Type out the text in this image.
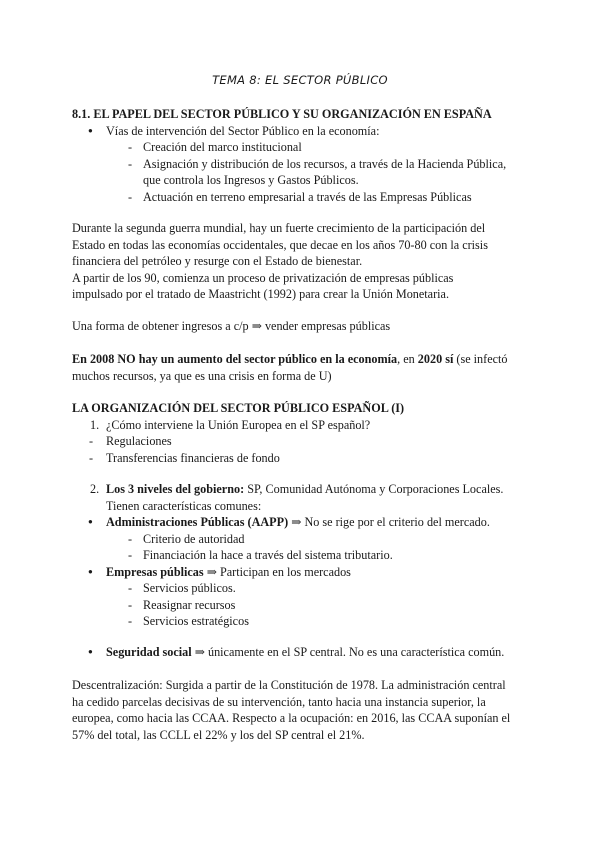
TEMA 8: EL SECTOR PÚBLICO
8.1. EL PAPEL DEL SECTOR PÚBLICO Y SU ORGANIZACIÓN EN ESPAÑA
● Vías de intervención del Sector Público en la economía:
- Creación del marco institucional
- Asignación y distribución de los recursos, a través de la Hacienda Pública,
que controla los Ingresos y Gastos Públicos.
- Actuación en terreno empresarial a través de las Empresas Públicas
Durante la segunda guerra mundial, hay un fuerte crecimiento de la participación del
Estado en todas las economías occidentales, que decae en los años 70-80 con la crisis
financiera del petróleo y resurge con el Estado de bienestar.
A partir de los 90, comienza un proceso de privatización de empresas públicas
impulsado por el tratado de Maastricht (1992) para crear la Unión Monetaria.
Una forma de obtener ingresos a c/p ⇒ vender empresas públicas
En 2008 NO hay un aumento del sector público en la economía, en 2020 sí (se infectó
muchos recursos, ya que es una crisis en forma de U)
LA ORGANIZACIÓN DEL SECTOR PÚBLICO ESPAÑOL (I)
1. ¿Cómo interviene la Unión Europea en el SP español?
- Regulaciones
- Transferencias financieras de fondo
2. Los 3 niveles del gobierno: SP, Comunidad Autónoma y Corporaciones Locales.
Tienen características comunes:
● Administraciones Públicas (AAPP) ⇒ No se rige por el criterio del mercado.
- Criterio de autoridad
- Financiación la hace a través del sistema tributario.
● Empresas públicas ⇒ Participan en los mercados
- Servicios públicos.
- Reasignar recursos
- Servicios estratégicos
● Seguridad social ⇒ únicamente en el SP central. No es una característica común.
Descentralización: Surgida a partir de la Constitución de 1978. La administración central
ha cedido parcelas decisivas de su intervención, tanto hacia una instancia superior, la
europea, como hacia las CCAA. Respecto a la ocupación: en 2016, las CCAA suponían el
57% del total, las CCLL el 22% y los del SP central el 21%.
